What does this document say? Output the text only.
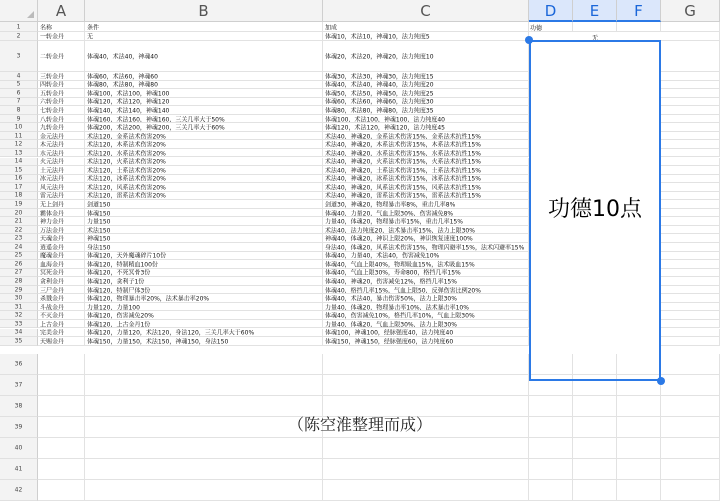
A	B	C	D	E	F	G
1	名称	条件	加成
2	一转金丹	无	体魂10，术法10，神魂10，法力纯度5
3	二转金丹	体魂40，术法40，神魂40	体魂20，术法20，神魂20，法力纯度10
4	三转金丹	体魂60，术法60，神魂60	体魂30，术法30，神魂30，法力纯度15
5	四转金丹	体魂80，术法80，神魂80	体魂40，术法40，神魂40，法力纯度20
6	五转金丹	体魂100，术法100，神魂100	体魂50，术法50，神魂50，法力纯度25
7	六转金丹	体魂120，术法120，神魂120	体魂60，术法60，神魂60，法力纯度30
8	七转金丹	体魂140，术法140，神魂140	体魂80，术法80，神魂80，法力纯度35
9	八转金丹	体魂160，术法160，神魂160，三关几率大于50%	体魂100，术法100，神魂100，法力纯度40
10	九转金丹	体魂200，术法200，神魂200，三关几率大于60%	体魂120，术法120，神魂120，法力纯度45
11	金元法丹	术法120，金系法术伤害20%	术法40，神魂20，金系法术伤害15%，金系法术抗性15%
12	木元法丹	术法120，木系法术伤害20%	术法40，神魂20，木系法术伤害15%，木系法术抗性15%
13	水元法丹	术法120，水系法术伤害20%	术法40，神魂20，水系法术伤害15%，水系法术抗性15%
14	火元法丹	术法120，火系法术伤害20%	术法40，神魂20，火系法术伤害15%，火系法术抗性15%
15	土元法丹	术法120，土系法术伤害20%	术法40，神魂20，土系法术伤害15%，土系法术抗性15%
16	冰元法丹	术法120，冰系法术伤害20%	术法40，神魂20，冰系法术伤害15%，冰系法术抗性15%
17	风元法丹	术法120，风系法术伤害20%	术法40，神魂20，风系法术伤害15%，风系法术抗性15%
18	雷元法丹	术法120，雷系法术伤害20%	术法40，神魂20，雷系法术伤害15%，雷系法术抗性15%
19	无上剑丹	剑道150	剑道30，神魂20，物理暴击率8%，重击几率8%
20	霸体金丹	体魂150	体魂40，力量20，气血上限30%，伤害减免8%
21	神力金丹	力量150	力量40，体魂20，物理暴击率15%，重击几率15%
22	万法金丹	术法150	术法40，法力纯度20，法术暴击率15%，法力上限30%
23	天魂金丹	神魂150	神魂40，体魂20，神识上限20%，神识恢复速度100%
24	逍遥金丹	身法150	身法40，体魂20，风系法术伤害15%，物理闪避率15%，法术闪避率15%
25	魔魂金丹	体魂120，天外魔魂碎片10份	体魂40，力量40，术法40，伤害减免10%
26	血海金丹	体魂120，特制精血100份	体魂40，气血上限40%，物理吸血15%，法术吸血15%
27	冥死金丹	体魂120，不死冥骨3份	体魂40，气血上限30%，寿命800，格挡几率15%
28	贪利金丹	体魂120，贪利子1份	体魂40，神魂20，伤害减免12%，格挡几率15%
29	三尸金丹	体魂120，特制尸体3份	体魂40，格挡几率15%，气血上限50，反弹伤害比例20%
30	杀戮金丹	体魂120，物理暴击率20%，法术暴击率20%	体魂40，术法40，暴击伤害50%，法力上限30%
31	斗战金丹	力量120，力量100	力量40，体魂20，物理暴击率10%，法术暴击率10%
32	不灭金丹	体魂120，伤害减免20%	体魂40，伤害减免10%，格挡几率10%，气血上限30%
33	上古金丹	体魂120，上古金丹1份	力量40，体魂20，气血上限30%，法力上限30%
34	完美金丹	体魂120，力量120，术法120，身法120，三关几率大于60%	体魂100，神魂100，经脉强度40，法力纯度40
35	天赐金丹	体魂150，力量150，术法150，神魂150，身法150	体魂150，神魂150，经脉强度60，法力纯度60
36
37
38
39
40
41
42
功德
无
功德10点
（陈空淮整理而成）
